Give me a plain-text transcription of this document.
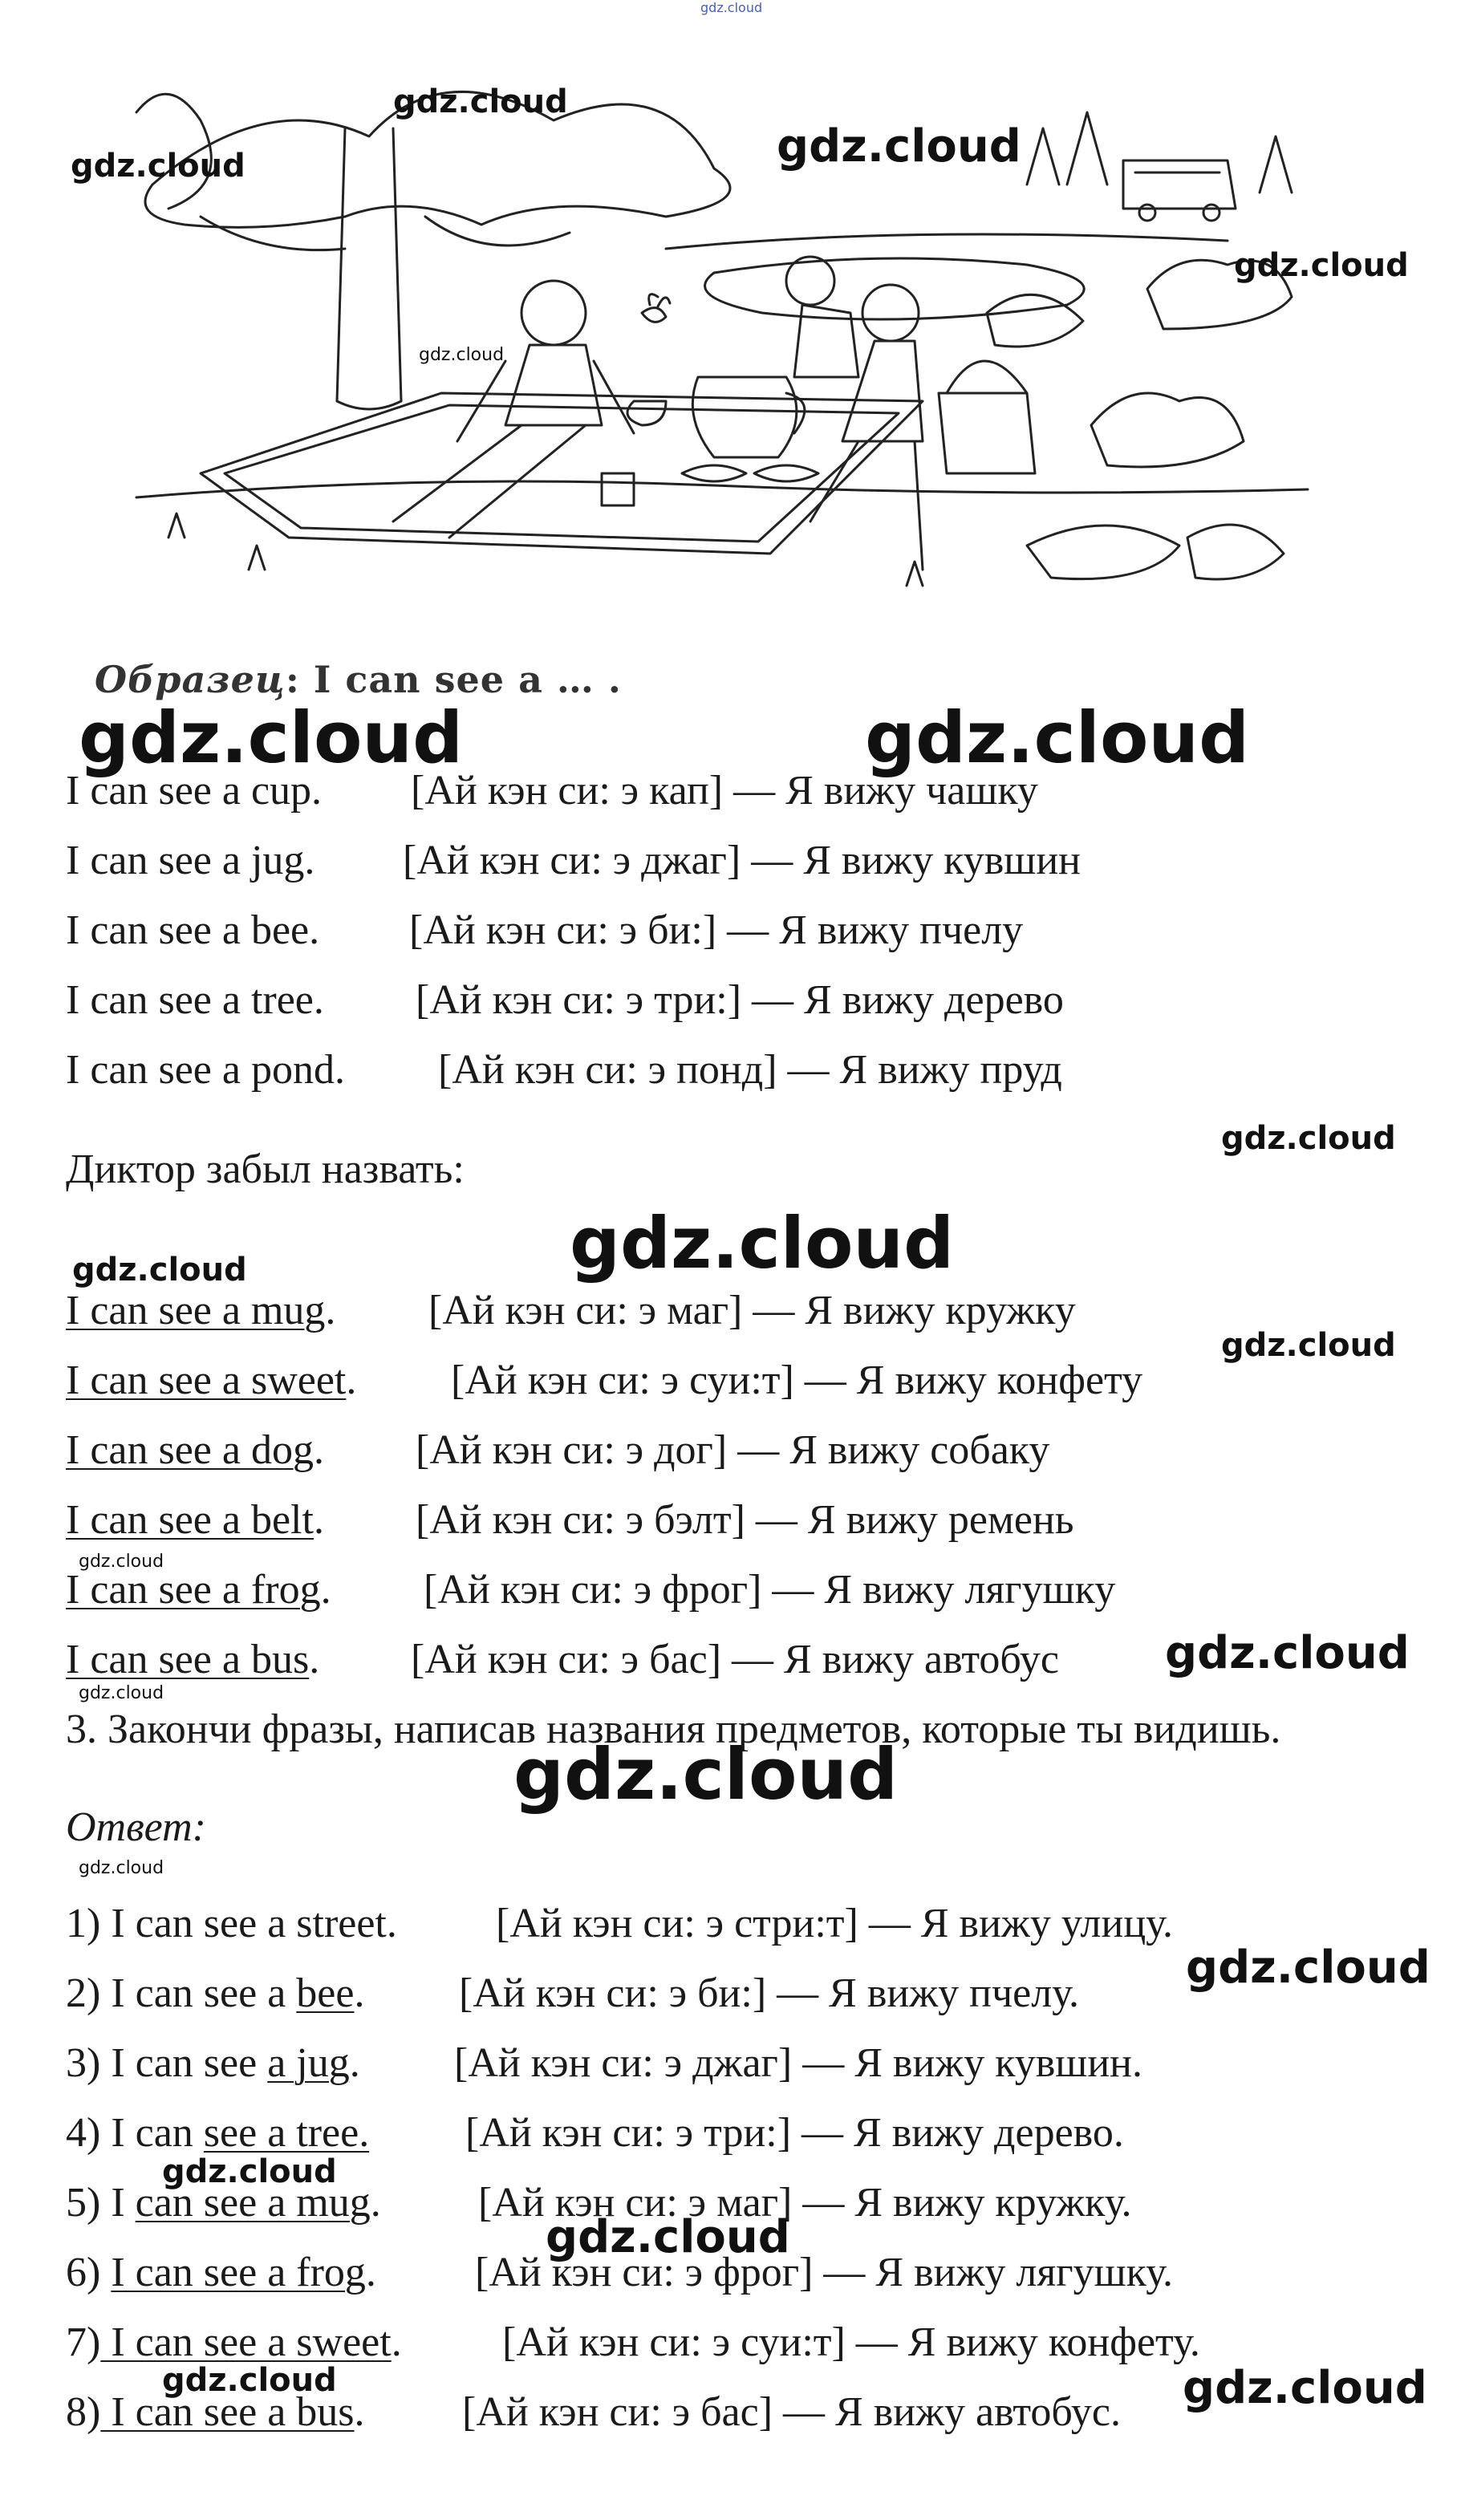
gdz.cloud
gdz.cloud
gdz.cloud	gdz.cloud
gdz.cloud
gdz.cloud
Образец: I can see a … .
gdz.cloud	gdz.cloud
I can see a cup. [Ай кэн си: э кап] — Я вижу чашку
I can see a jug. [Ай кэн си: э джаг] — Я вижу кувшин
I can see a bee. [Ай кэн си: э би:] — Я вижу пчелу
I can see a tree. [Ай кэн си: э три:] — Я вижу дерево
I can see a pond. [Ай кэн си: э понд] — Я вижу пруд
Диктор забыл назвать:
gdz.cloud
gdz.cloud
gdz.cloud
gdz.cloud
I can see a mug. [Ай кэн си: э маг] — Я вижу кружку
I can see a sweet. [Ай кэн си: э суи:т] — Я вижу конфету
I can see a dog. [Ай кэн си: э дог] — Я вижу собаку
I can see a belt. [Ай кэн си: э бэлт] — Я вижу ремень
I can see a frog. [Ай кэн си: э фрог] — Я вижу лягушку
I can see a bus. [Ай кэн си: э бас] — Я вижу автобус
gdz.cloud
gdz.cloud
gdz.cloud
3. Закончи фразы, написав названия предметов, которые ты видишь.
gdz.cloud
Ответ:
gdz.cloud
1) I can see a street. [Ай кэн си: э стри:т] — Я вижу улицу.
2) I can see a bee. [Ай кэн си: э би:] — Я вижу пчелу.
3) I can see a jug. [Ай кэн си: э джаг] — Я вижу кувшин.
4) I can see a tree. [Ай кэн си: э три:] — Я вижу дерево.
5) I can see a mug. [Ай кэн си: э маг] — Я вижу кружку.
6) I can see a frog. [Ай кэн си: э фрог] — Я вижу лягушку.
7) I can see a sweet. [Ай кэн си: э суи:т] — Я вижу конфету.
8) I can see a bus. [Ай кэн си: э бас] — Я вижу автобус.
gdz.cloud
gdz.cloud
gdz.cloud
gdz.cloud	gdz.cloud
